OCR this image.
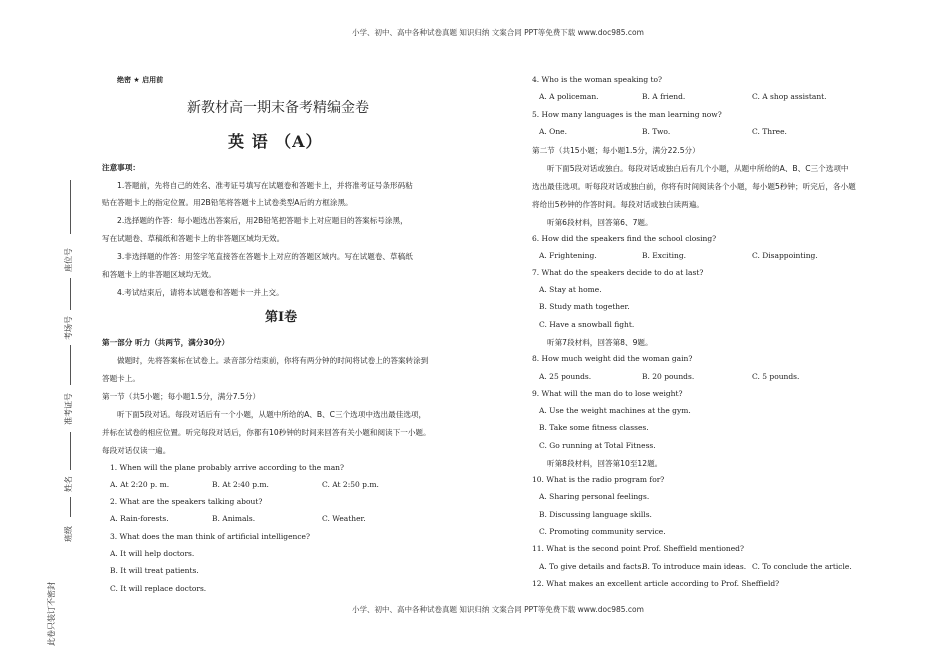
小学、初中、高中各种试卷真题 知识归纳 文案合同 PPT等免费下载 www.doc985.com
小学、初中、高中各种试卷真题 知识归纳 文案合同 PPT等免费下载 www.doc985.com
座位号
考场号
准考证号
姓名
班级
此卷只装订不密封
绝密 ★ 启用前
新教材高一期末备考精编金卷
英 语 （A）
注意事项：
1.答题前，先将自己的姓名、准考证号填写在试题卷和答题卡上，并将准考证号条形码粘
贴在答题卡上的指定位置。用2B铅笔将答题卡上试卷类型A后的方框涂黑。
2.选择题的作答：每小题选出答案后，用2B铅笔把答题卡上对应题目的答案标号涂黑，
写在试题卷、草稿纸和答题卡上的非答题区域均无效。
3.非选择题的作答：用签字笔直接答在答题卡上对应的答题区域内。写在试题卷、草稿纸
和答题卡上的非答题区域均无效。
4.考试结束后，请将本试题卷和答题卡一并上交。
第Ⅰ卷
第一部分 听力（共两节，满分30分）
做题时，先将答案标在试卷上。录音部分结束前，你将有两分钟的时间将试卷上的答案转涂到
答题卡上。
第一节（共5小题；每小题1.5分，满分7.5分）
听下面5段对话。每段对话后有一个小题，从题中所给的A、B、C三个选项中选出最佳选项，
并标在试卷的相应位置。听完每段对话后，你都有10秒钟的时间来回答有关小题和阅读下一小题。
每段对话仅读一遍。
1. When will the plane probably arrive according to the man?
A. At 2:20 p. m.	B. At 2:40 p.m.	C. At 2:50 p.m.
2. What are the speakers talking about?
A. Rain-forests.	B. Animals.	C. Weather.
3. What does the man think of artificial intelligence?
A. It will help doctors.
B. It will treat patients.
C. It will replace doctors.
4. Who is the woman speaking to?
A. A policeman.	B. A friend.	C. A shop assistant.
5. How many languages is the man learning now?
A. One.	B. Two.	C. Three.
第二节（共15小题；每小题1.5分，满分22.5分）
听下面5段对话或独白。每段对话或独白后有几个小题，从题中所给的A、B、C三个选项中
选出最佳选项。听每段对话或独白前，你将有时间阅读各个小题，每小题5秒钟；听完后，各小题
将给出5秒钟的作答时间。每段对话或独白读两遍。
听第6段材料，回答第6、7题。
6. How did the speakers find the school closing?
A. Frightening.	B. Exciting.	C. Disappointing.
7. What do the speakers decide to do at last?
A. Stay at home.
B. Study math together.
C. Have a snowball fight.
听第7段材料，回答第8、9题。
8. How much weight did the woman gain?
A. 25 pounds.	B. 20 pounds.	C. 5 pounds.
9. What will the man do to lose weight?
A. Use the weight machines at the gym.
B. Take some fitness classes.
C. Go running at Total Fitness.
听第8段材料，回答第10至12题。
10. What is the radio program for?
A. Sharing personal feelings.
B. Discussing language skills.
C. Promoting community service.
11. What is the second point Prof. Sheffield mentioned?
A. To give details and facts.
B. To introduce main ideas. C. To conclude the article.
12. What makes an excellent article according to Prof. Sheffield?
